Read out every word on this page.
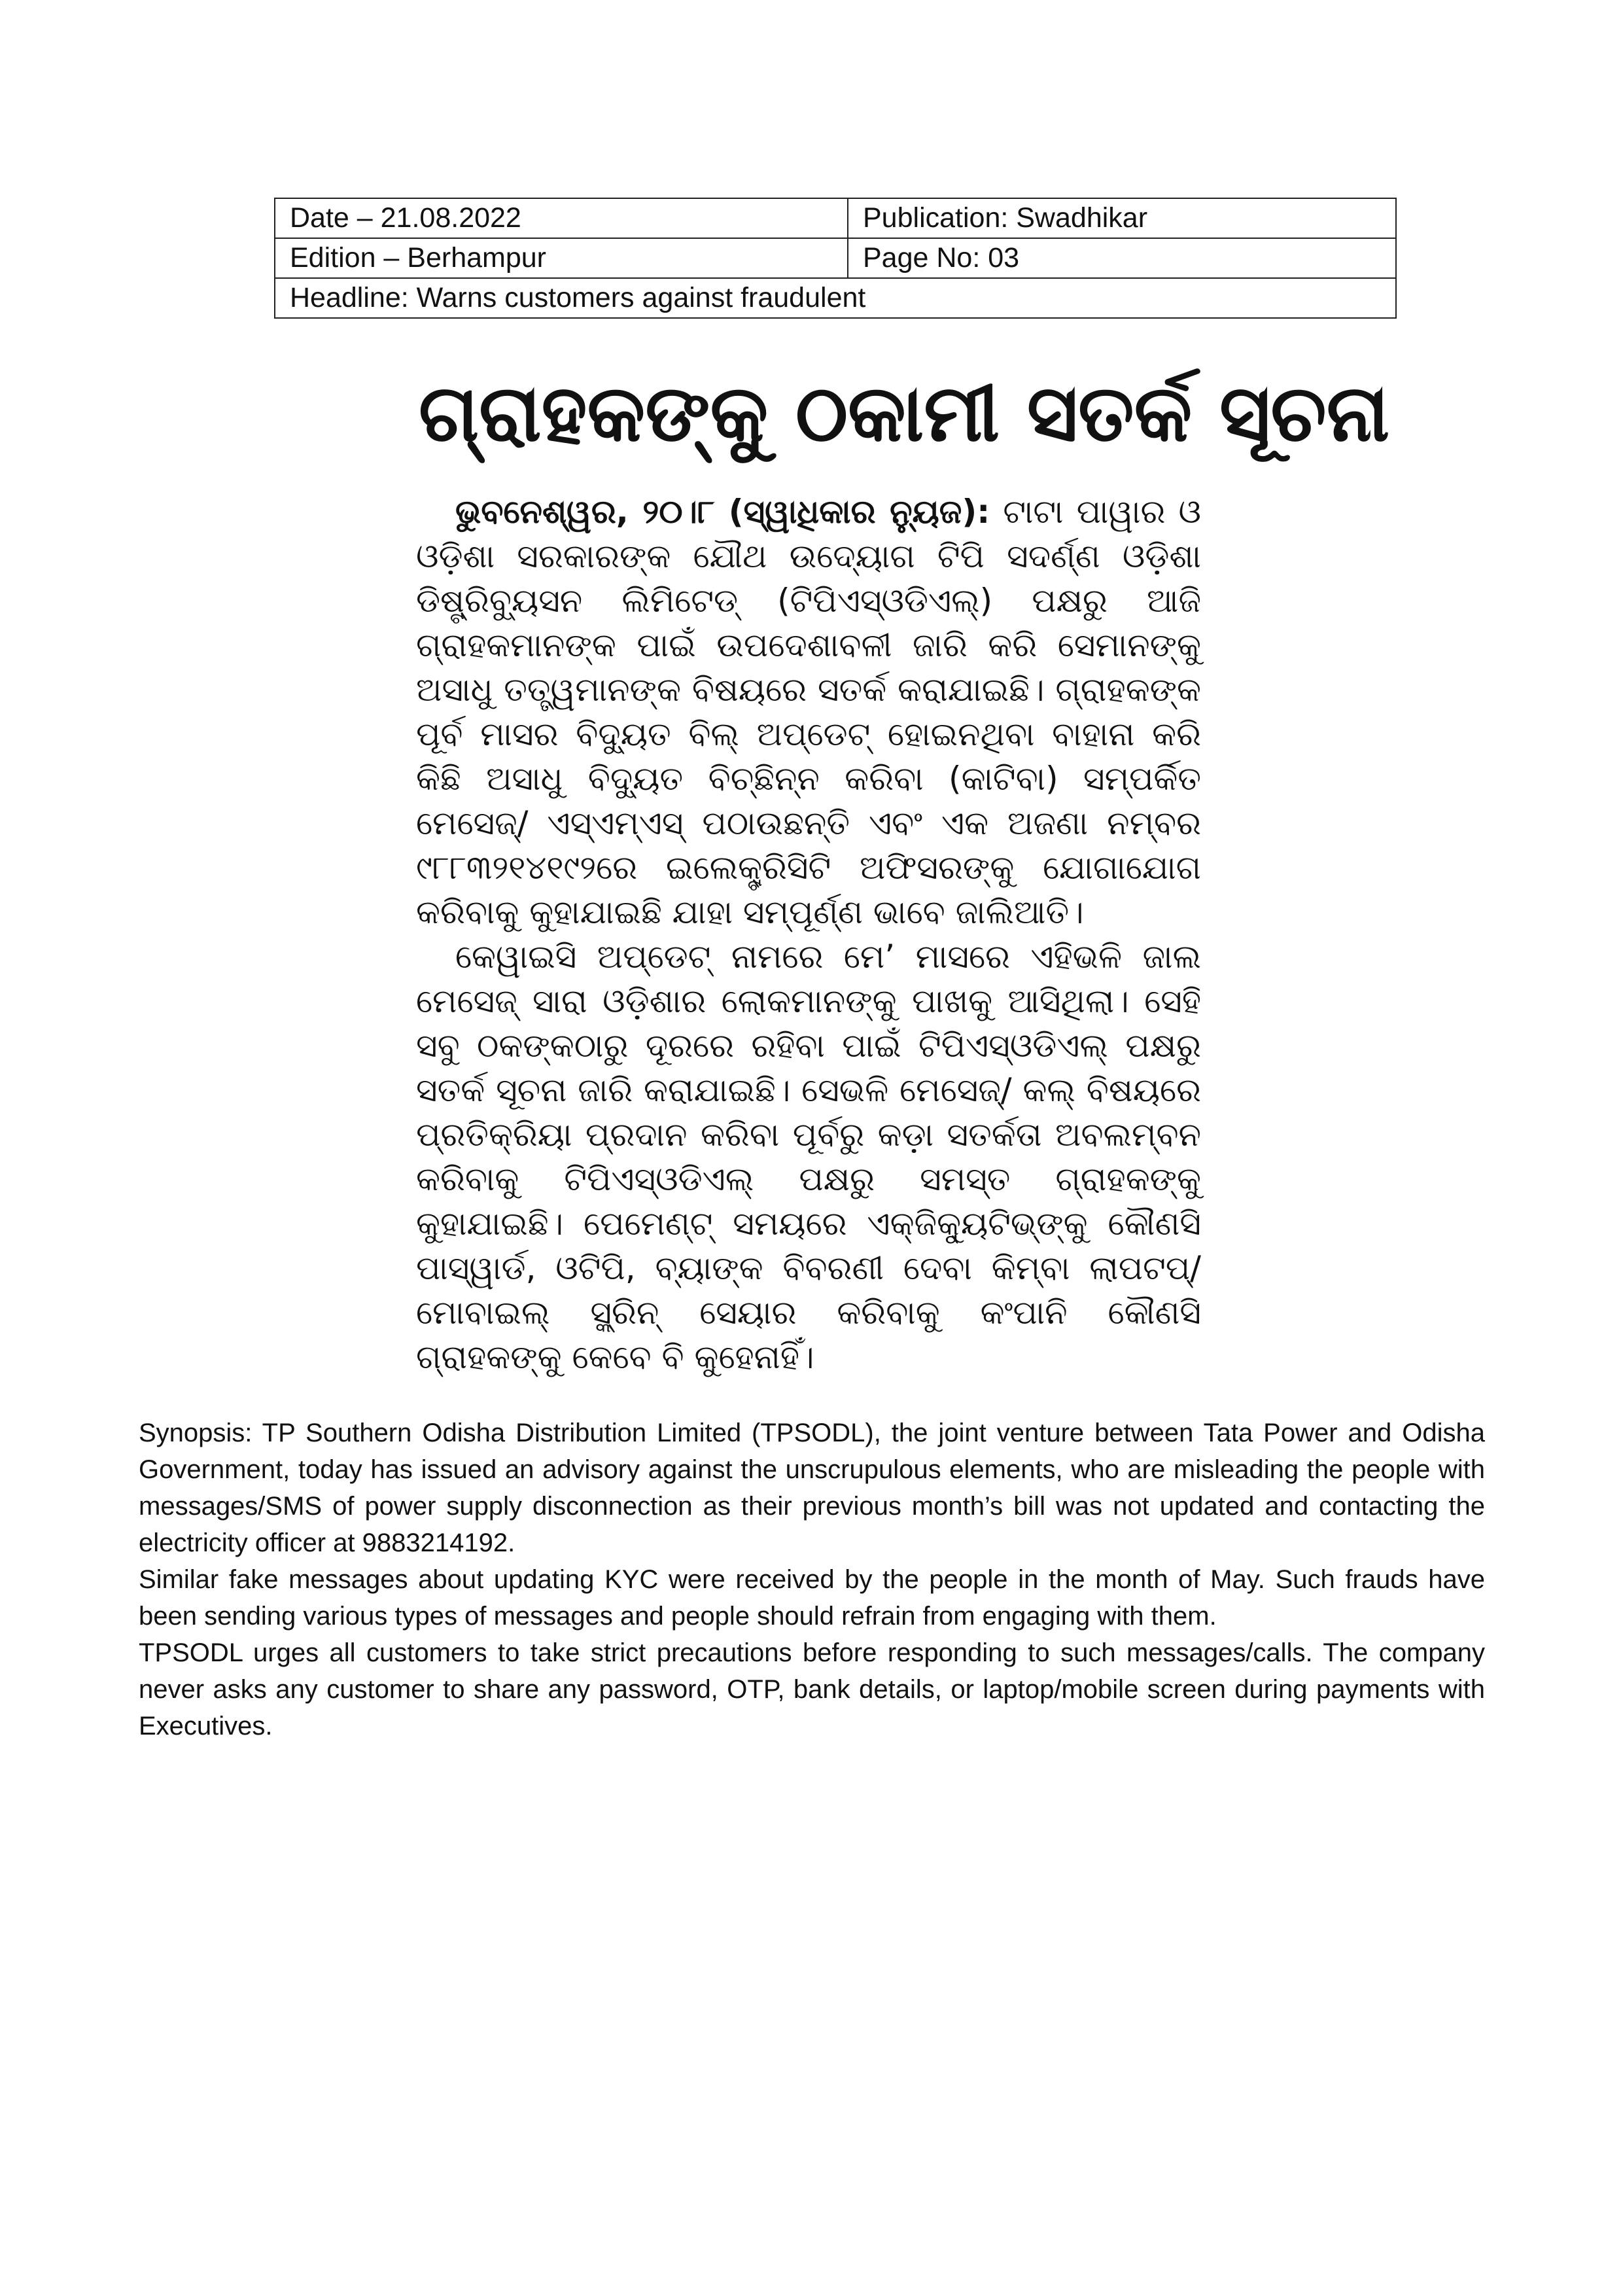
Date – 21.08.2022	Publication: Swadhikar
Edition – Berhampur	Page No: 03
Headline: Warns customers against fraudulent	
ଗ୍ରାହକଙ୍କୁ ଠକାମୀ ସତର୍କ ସୂଚନା

ଭୁବନେଶ୍ୱର, ୨୦।୮ (ସ୍ୱାଧିକାର ନ୍ୟୁଜ): ଟାଟା ପାୱାର ଓ ଓଡ଼ିଶା ସରକାରଙ୍କ ଯୌଥ ଉଦ୍ୟୋଗ ଟିପି ସଦର୍ଣ୍ଣ ଓଡ଼ିଶା ଡିଷ୍ଟ୍ରିବ୍ୟୁସନ ଲିମିଟେଡ୍ (ଟିପିଏସ୍‌ଓଡିଏଲ୍) ପକ୍ଷରୁ ଆଜି ଗ୍ରାହକମାନଙ୍କ ପାଇଁ ଉପଦେଶାବଳୀ ଜାରି କରି ସେମାନଙ୍କୁ ଅସାଧୁ ତତ୍ତ୍ୱମାନଙ୍କ ବିଷୟରେ ସତର୍କ କରାଯାଇଛି। ଗ୍ରାହକଙ୍କ ପୂର୍ବ ମାସର ବିଦ୍ୟୁତ ବିଲ୍ ଅପ୍‌ଡେଟ୍ ହୋଇନଥିବା ବାହାନା କରି କିଛି ଅସାଧୁ ବିଦ୍ୟୁତ ବିଚ୍ଛିନ୍ନ କରିବା (କାଟିବା) ସମ୍ପର୍କିତ ମେସେଜ୍/ ଏସ୍‌ଏମ୍‌ଏସ୍ ପଠାଉଛନ୍ତି ଏବଂ ଏକ ଅଜଣା ନମ୍ବର ୯୮୮୩୨୧୪୧୯୨ରେ ଇଲେକ୍ଟ୍ରିସିଟି ଅଫିସରଙ୍କୁ ଯୋଗାଯୋଗ କରିବାକୁ କୁହାଯାଇଛି ଯାହା ସମ୍ପୂର୍ଣ୍ଣ ଭାବେ ଜାଲିଆତି।

କେୱାଇସି ଅପ୍‌ଡେଟ୍ ନାମରେ ମେ’ ମାସରେ ଏହିଭଳି ଜାଲ ମେସେଜ୍ ସାରା ଓଡ଼ିଶାର ଲୋକମାନଙ୍କୁ ପାଖକୁ ଆସିଥିଲା। ସେହି ସବୁ ଠକଙ୍କଠାରୁ ଦୂରରେ ରହିବା ପାଇଁ ଟିପିଏସ୍‌ଓଡିଏଲ୍ ପକ୍ଷରୁ ସତର୍କ ସୂଚନା ଜାରି କରାଯାଇଛି। ସେଭଳି ମେସେଜ୍/ କଲ୍ ବିଷୟରେ ପ୍ରତିକ୍ରିୟା ପ୍ରଦାନ କରିବା ପୂର୍ବରୁ କଡ଼ା ସତର୍କତା ଅବଲମ୍ବନ କରିବାକୁ ଟିପିଏସ୍‌ଓଡିଏଲ୍ ପକ୍ଷରୁ ସମସ୍ତ ଗ୍ରାହକଙ୍କୁ କୁହାଯାଇଛି। ପେମେଣ୍ଟ୍ ସମୟରେ ଏକ୍‌ଜିକ୍ୟୁଟିଭ୍‌ଙ୍କୁ କୌଣସି ପାସ୍‌ୱାର୍ଡ, ଓଟିପି, ବ୍ୟାଙ୍କ ବିବରଣୀ ଦେବା କିମ୍ବା ଲାପଟପ୍/ ମୋବାଇଲ୍ ସ୍କ୍ରିନ୍ ସେୟାର କରିବାକୁ କଂପାନି କୌଣସି ଗ୍ରାହକଙ୍କୁ କେବେ ବି କୁହେନାହିଁ।

Synopsis: TP Southern Odisha Distribution Limited (TPSODL), the joint venture between Tata Power and Odisha Government, today has issued an advisory against the unscrupulous elements, who are misleading the people with messages/SMS of power supply disconnection as their previous month’s bill was not updated and contacting the electricity officer at 9883214192.

Similar fake messages about updating KYC were received by the people in the month of May. Such frauds have been sending various types of messages and people should refrain from engaging with them.

TPSODL urges all customers to take strict precautions before responding to such messages/calls. The company never asks any customer to share any password, OTP, bank details, or laptop/mobile screen during payments with Executives.
